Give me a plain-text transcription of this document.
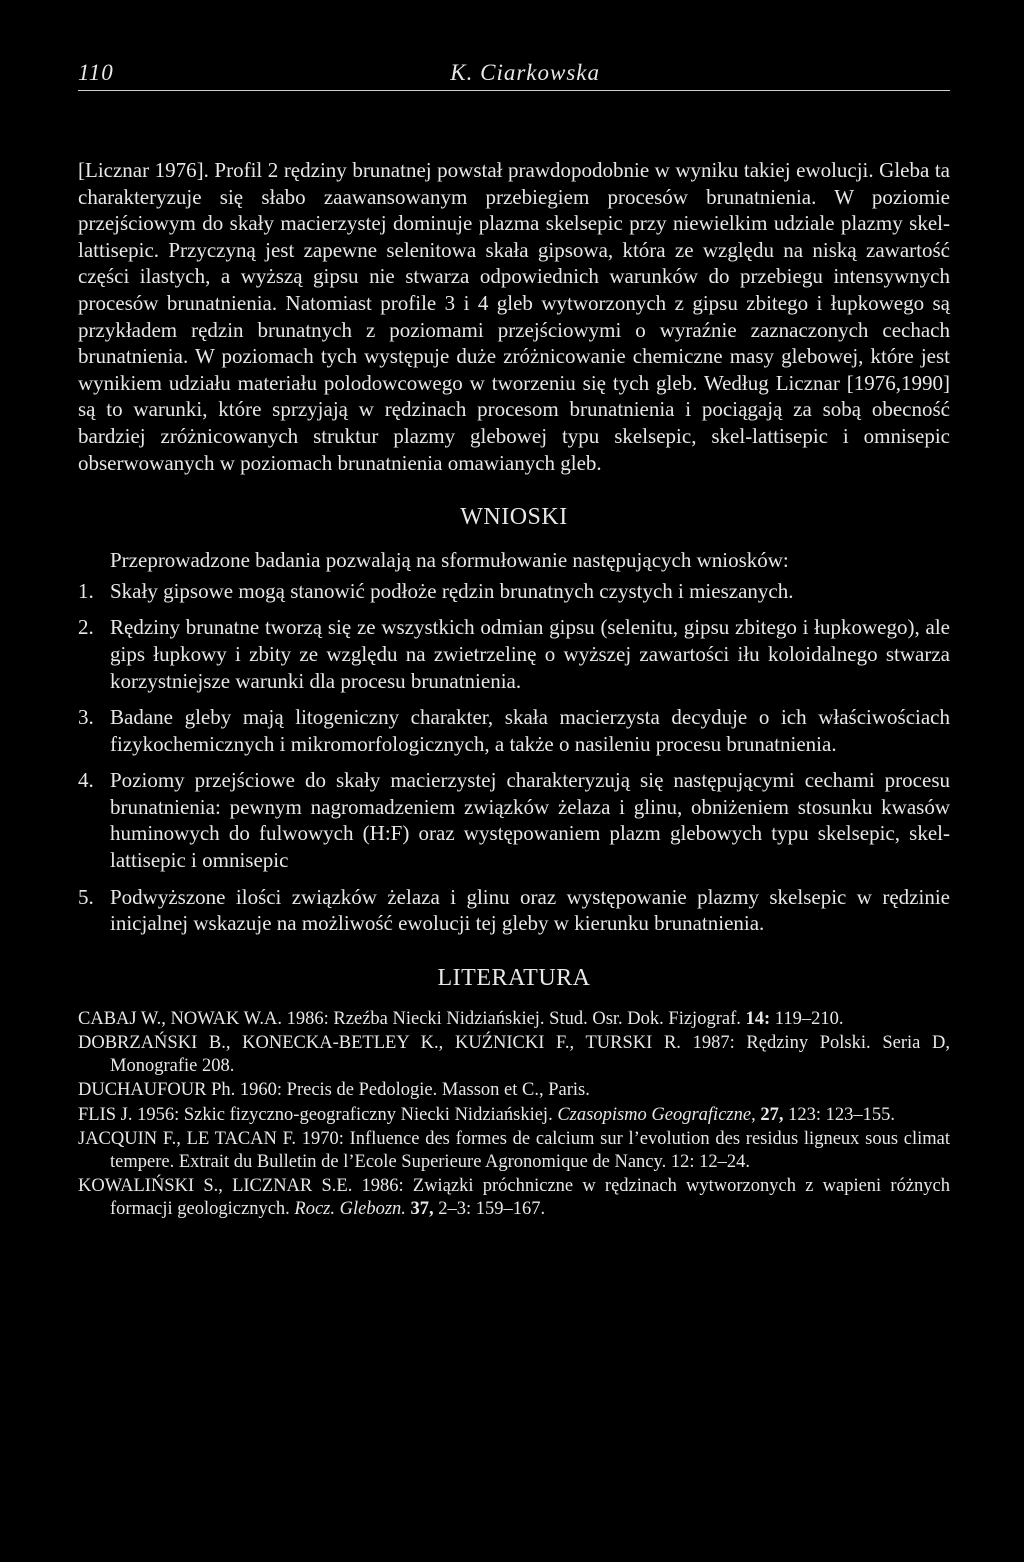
110	K. Ciarkowska

[Licznar 1976]. Profil 2 rędziny brunatnej powstał prawdopodobnie w wyniku takiej ewolucji. Gleba ta charakteryzuje się słabo zaawansowanym przebiegiem procesów brunatnienia. W poziomie przejściowym do skały macierzystej dominuje plazma skelsepic przy niewielkim udziale plazmy skel-lattisepic. Przyczyną jest zapewne selenitowa skała gipsowa, która ze względu na niską zawartość części ilastych, a wyższą gipsu nie stwarza odpowiednich warunków do przebiegu intensywnych procesów brunatnienia. Natomiast profile 3 i 4 gleb wytworzonych z gipsu zbitego i łupkowego są przykładem rędzin brunatnych z poziomami przejściowymi o wyraźnie zaznaczonych cechach brunatnienia. W poziomach tych występuje duże zróżnicowanie chemiczne masy glebowej, które jest wynikiem udziału materiału polodowcowego w tworzeniu się tych gleb. Według Licznar [1976,1990] są to warunki, które sprzyjają w rędzinach procesom brunatnienia i pociągają za sobą obecność bardziej zróżnicowanych struktur plazmy glebowej typu skelsepic, skel-lattisepic i omnisepic obserwowanych w poziomach brunatnienia omawianych gleb.

WNIOSKI

Przeprowadzone badania pozwalają na sformułowanie następujących wniosków:

1. Skały gipsowe mogą stanowić podłoże rędzin brunatnych czystych i mieszanych.
2. Rędziny brunatne tworzą się ze wszystkich odmian gipsu (selenitu, gipsu zbitego i łupkowego), ale gips łupkowy i zbity ze względu na zwietrzelinę o wyższej zawartości iłu koloidalnego stwarza korzystniejsze warunki dla procesu brunatnienia.
3. Badane gleby mają litogeniczny charakter, skała macierzysta decyduje o ich właściwościach fizykochemicznych i mikromorfologicznych, a także o nasileniu procesu brunatnienia.
4. Poziomy przejściowe do skały macierzystej charakteryzują się następującymi cechami procesu brunatnienia: pewnym nagromadzeniem związków żelaza i glinu, obniżeniem stosunku kwasów huminowych do fulwowych (H:F) oraz występowaniem plazm glebowych typu skelsepic, skel-lattisepic i omnisepic
5. Podwyższone ilości związków żelaza i glinu oraz występowanie plazmy skelsepic w rędzinie inicjalnej wskazuje na możliwość ewolucji tej gleby w kierunku brunatnienia.
LITERATURA
CABAJ W., NOWAK W.A. 1986: Rzeźba Niecki Nidziańskiej. Stud. Osr. Dok. Fizjograf. 14: 119–210.
DOBRZAŃSKI B., KONECKA-BETLEY K., KUŹNICKI F., TURSKI R. 1987: Rędziny Polski. Seria D, Monografie 208.
DUCHAUFOUR Ph. 1960: Precis de Pedologie. Masson et C., Paris.
FLIS J. 1956: Szkic fizyczno-geograficzny Niecki Nidziańskiej. Czasopismo Geograficzne, 27, 123: 123–155.
JACQUIN F., LE TACAN F. 1970: Influence des formes de calcium sur l’evolution des residus ligneux sous climat tempere. Extrait du Bulletin de l’Ecole Superieure Agronomique de Nancy. 12: 12–24.
KOWALIŃSKI S., LICZNAR S.E. 1986: Związki próchniczne w rędzinach wytworzonych z wapieni różnych formacji geologicznych. Rocz. Glebozn. 37, 2–3: 159–167.
